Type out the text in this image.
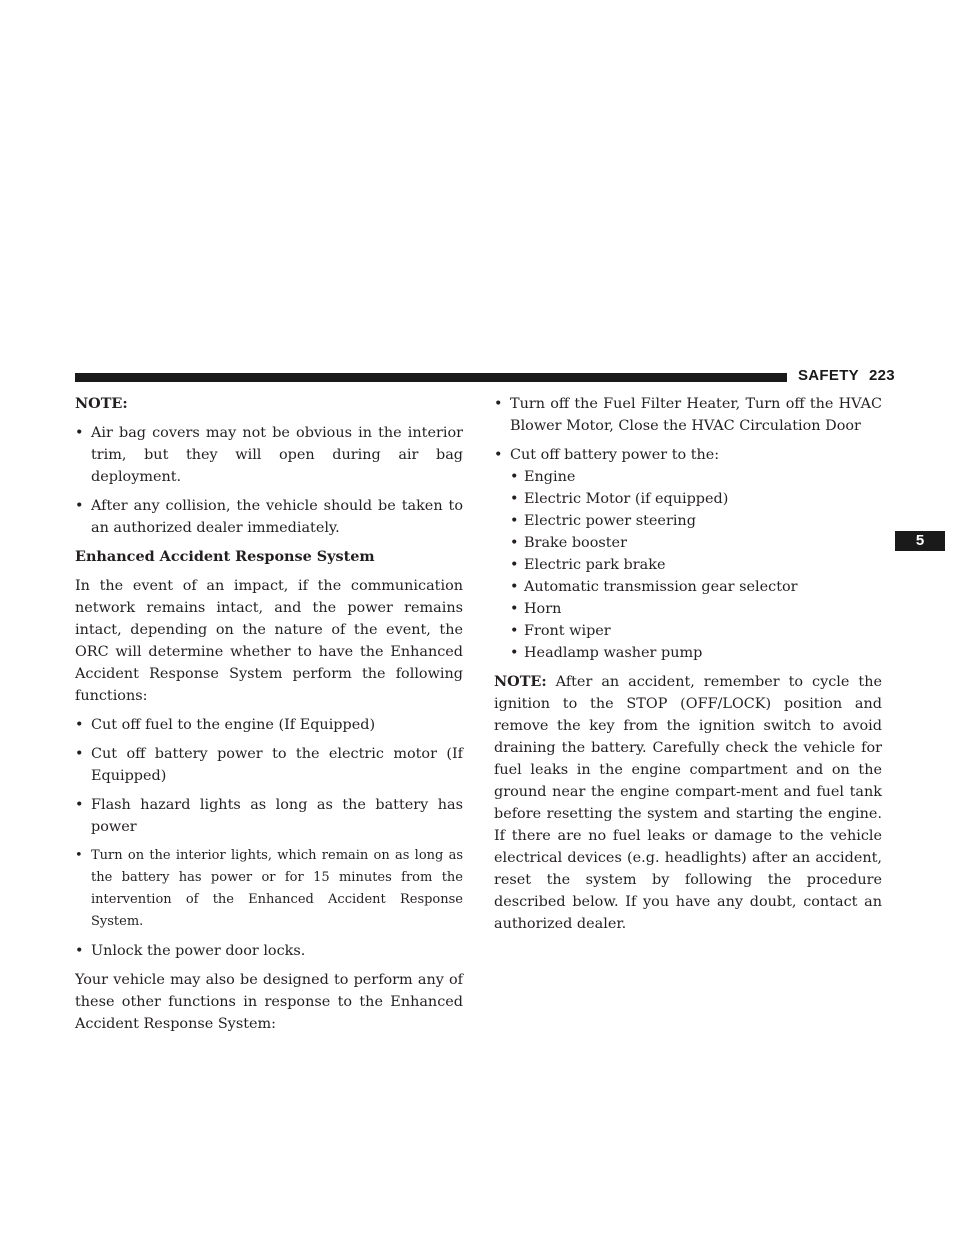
SAFETY 223
5

NOTE:

• Air bag covers may not be obvious in the interior trim, but they will open during air bag deployment.
• After any collision, the vehicle should be taken to an authorized dealer immediately.

Enhanced Accident Response System

In the event of an impact, if the communication network remains intact, and the power remains intact, depending on the nature of the event, the ORC will determine whether to have the Enhanced Accident Response System perform the following functions:

• Cut off fuel to the engine (If Equipped)
• Cut off battery power to the electric motor (If Equipped)
• Flash hazard lights as long as the battery has power
• Turn on the interior lights, which remain on as long as the battery has power or for 15 minutes from the intervention of the Enhanced Accident Response System.
• Unlock the power door locks.

Your vehicle may also be designed to perform any of these other functions in response to the Enhanced Accident Response System:

• Turn off the Fuel Filter Heater, Turn off the HVAC Blower Motor, Close the HVAC Circulation Door
• Cut off battery power to the:
• Engine
• Electric Motor (if equipped)
• Electric power steering
• Brake booster
• Electric park brake
• Automatic transmission gear selector
• Horn
• Front wiper
• Headlamp washer pump

NOTE: After an accident, remember to cycle the ignition to the STOP (OFF/LOCK) position and remove the key from the ignition switch to avoid draining the battery. Carefully check the vehicle for fuel leaks in the engine compartment and on the ground near the engine compart-ment and fuel tank before resetting the system and starting the engine. If there are no fuel leaks or damage to the vehicle electrical devices (e.g. headlights) after an accident, reset the system by following the procedure described below. If you have any doubt, contact an authorized dealer.
